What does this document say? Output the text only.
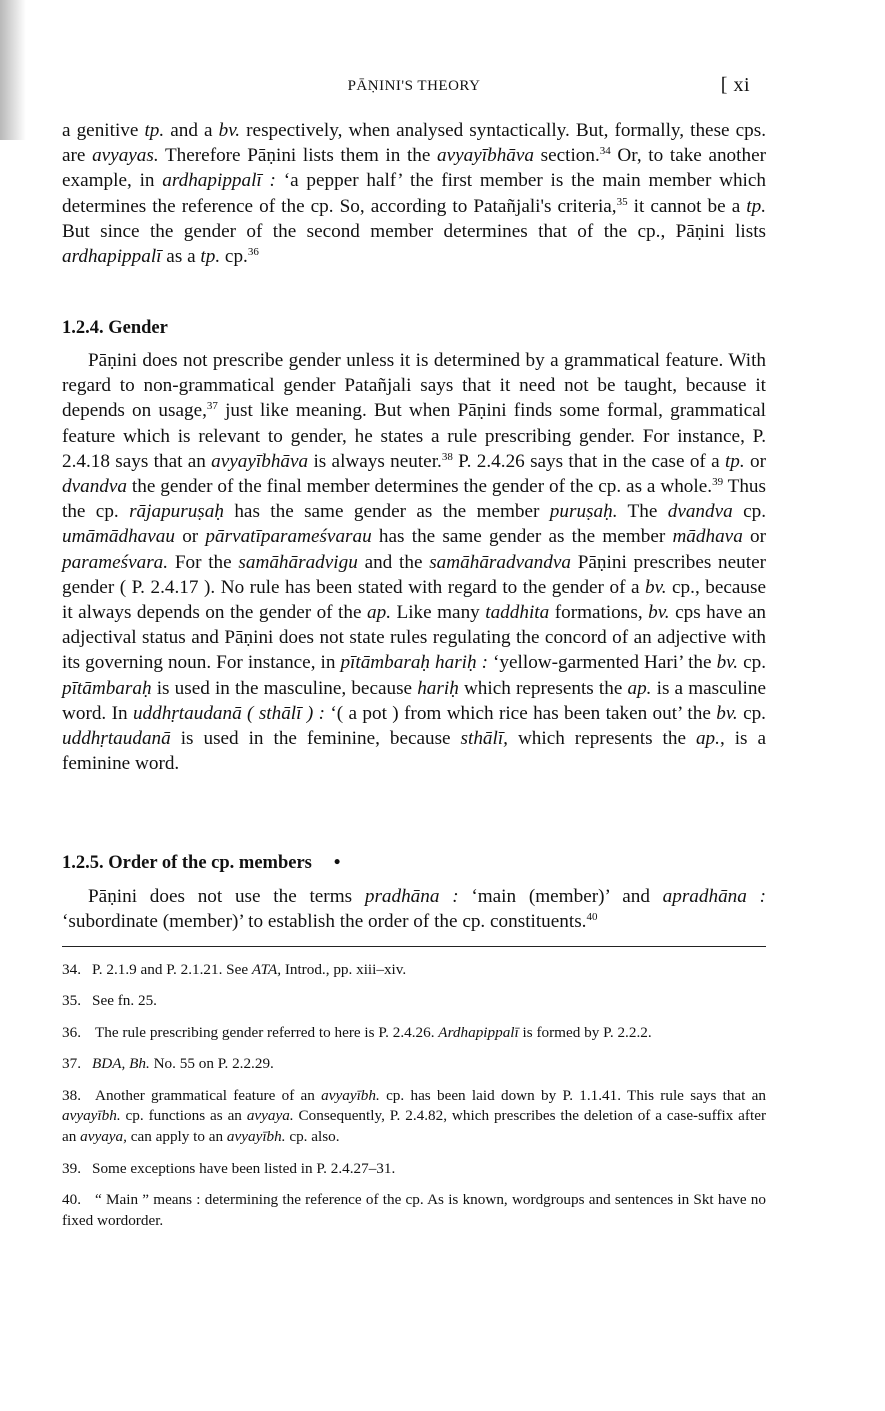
PĀṆINI'S THEORY	[ xi

a genitive tp. and a bv. respectively, when analysed syntactically. But, formally, these cps. are avyayas. Therefore Pāṇini lists them in the avyayībhāva section.$^{34}$ Or, to take another example, in ardhapippalī : ‘a pepper half’ the first member is the main member which determines the reference of the cp. So, according to Patañjali's criteria,$^{35}$ it cannot be a tp. But since the gender of the second member determines that of the cp., Pāṇini lists ardhapippalī as a tp. cp.$^{36}$

1.2.4. Gender

Pāṇini does not prescribe gender unless it is determined by a grammatical feature. With regard to non-grammatical gender Patañjali says that it need not be taught, because it depends on usage,$^{37}$ just like meaning. But when Pāṇini finds some formal, grammatical feature which is relevant to gender, he states a rule prescribing gender. For instance, P. 2.4.18 says that an avyayībhāva is always neuter.$^{38}$ P. 2.4.26 says that in the case of a tp. or dvandva the gender of the final member determines the gender of the cp. as a whole.$^{39}$ Thus the cp. rājapuruṣaḥ has the same gender as the member puruṣaḥ. The dvandva cp. umāmādhavau or pārvatīparameśvarau has the same gender as the member mādhava or parameśvara. For the samāhāradvigu and the samāhāradvandva Pāṇini prescribes neuter gender ( P. 2.4.17 ). No rule has been stated with regard to the gender of a bv. cp., because it always depends on the gender of the ap. Like many taddhita formations, bv. cps have an adjectival status and Pāṇini does not state rules regulating the concord of an adjective with its governing noun. For instance, in pītāmbaraḥ hariḥ : ‘yellow-garmented Hari’ the bv. cp. pītāmbaraḥ is used in the masculine, because hariḥ which represents the ap. is a masculine word. In uddhṛtaudanā ( sthālī ) : ‘( a pot ) from which rice has been taken out’ the bv. cp. uddhṛtaudanā is used in the feminine, because sthālī, which represents the ap., is a feminine word.

1.2.5. Order of the cp. members •

Pāṇini does not use the terms pradhāna : ‘main (member)’ and apradhāna : ‘subordinate (member)’ to establish the order of the cp. constituents.$^{40}$

34. P. 2.1.9 and P. 2.1.21. See ATA, Introd., pp. xiii–xiv.
35. See fn. 25.
36. The rule prescribing gender referred to here is P. 2.4.26. Ardhapippalī is formed by P. 2.2.2.
37. BDA, Bh. No. 55 on P. 2.2.29.
38. Another grammatical feature of an avyayībh. cp. has been laid down by P. 1.1.41. This rule says that an avyayībh. cp. functions as an avyaya. Consequently, P. 2.4.82, which prescribes the deletion of a case-suffix after an avyaya, can apply to an avyayībh. cp. also.
39. Some exceptions have been listed in P. 2.4.27–31.
40. “ Main ” means : determining the reference of the cp. As is known, wordgroups and sentences in Skt have no fixed wordorder.
